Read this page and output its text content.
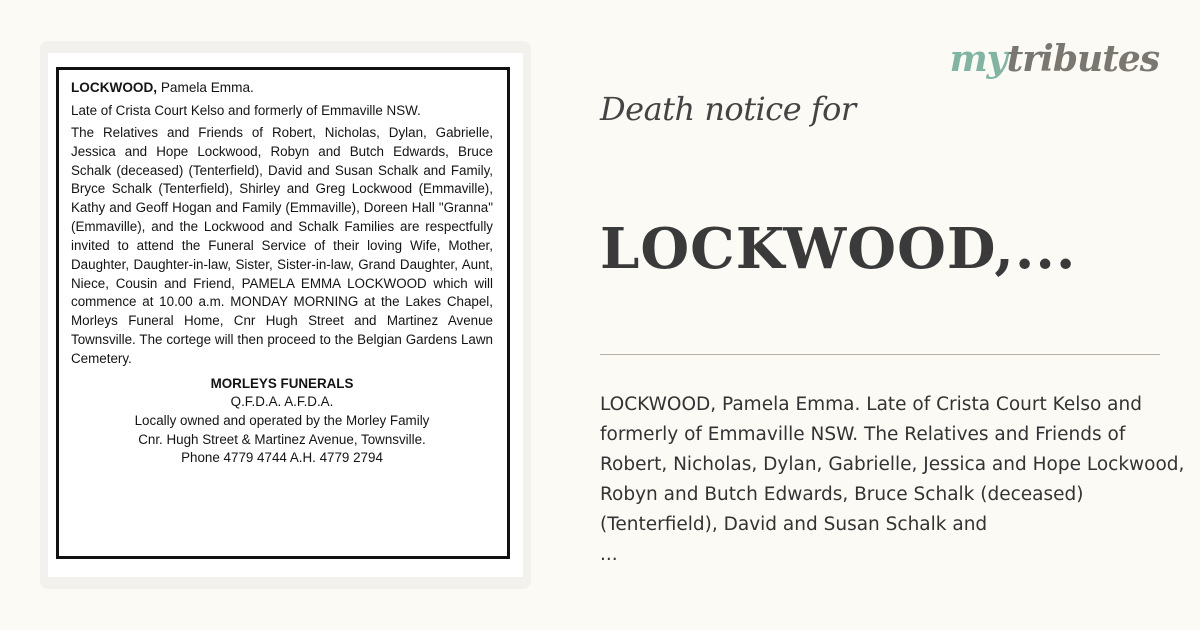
LOCKWOOD, Pamela Emma.

Late of Crista Court Kelso and formerly of Emmaville NSW.

The Relatives and Friends of Robert, Nicholas, Dylan, Gabrielle, Jessica and Hope Lockwood, Robyn and Butch Edwards, Bruce Schalk (deceased) (Tenterfield), David and Susan Schalk and Family, Bryce Schalk (Tenterfield), Shirley and Greg Lockwood (Emmaville), Kathy and Geoff Hogan and Family (Emmaville), Doreen Hall "Granna" (Emmaville), and the Lockwood and Schalk Families are respectfully invited to attend the Funeral Service of their loving Wife, Mother, Daughter, Daughter-in-law, Sister, Sister-in-law, Grand Daughter, Aunt, Niece, Cousin and Friend, PAMELA EMMA LOCKWOOD which will commence at 10.00 a.m. MONDAY MORNING at the Lakes Chapel, Morleys Funeral Home, Cnr Hugh Street and Martinez Avenue Townsville. The cortege will then proceed to the Belgian Gardens Lawn Cemetery.

MORLEYS FUNERALS
Q.F.D.A. A.F.D.A.
Locally owned and operated by the Morley Family
Cnr. Hugh Street & Martinez Avenue, Townsville.
Phone 4779 4744 A.H. 4779 2794
mytributes
Death notice for
LOCKWOOD,...

LOCKWOOD, Pamela Emma. Late of Crista Court Kelso and formerly of Emmaville NSW. The Relatives and Friends of Robert, Nicholas, Dylan, Gabrielle, Jessica and Hope Lockwood, Robyn and Butch Edwards, Bruce Schalk (deceased) (Tenterfield), David and Susan Schalk and
...
